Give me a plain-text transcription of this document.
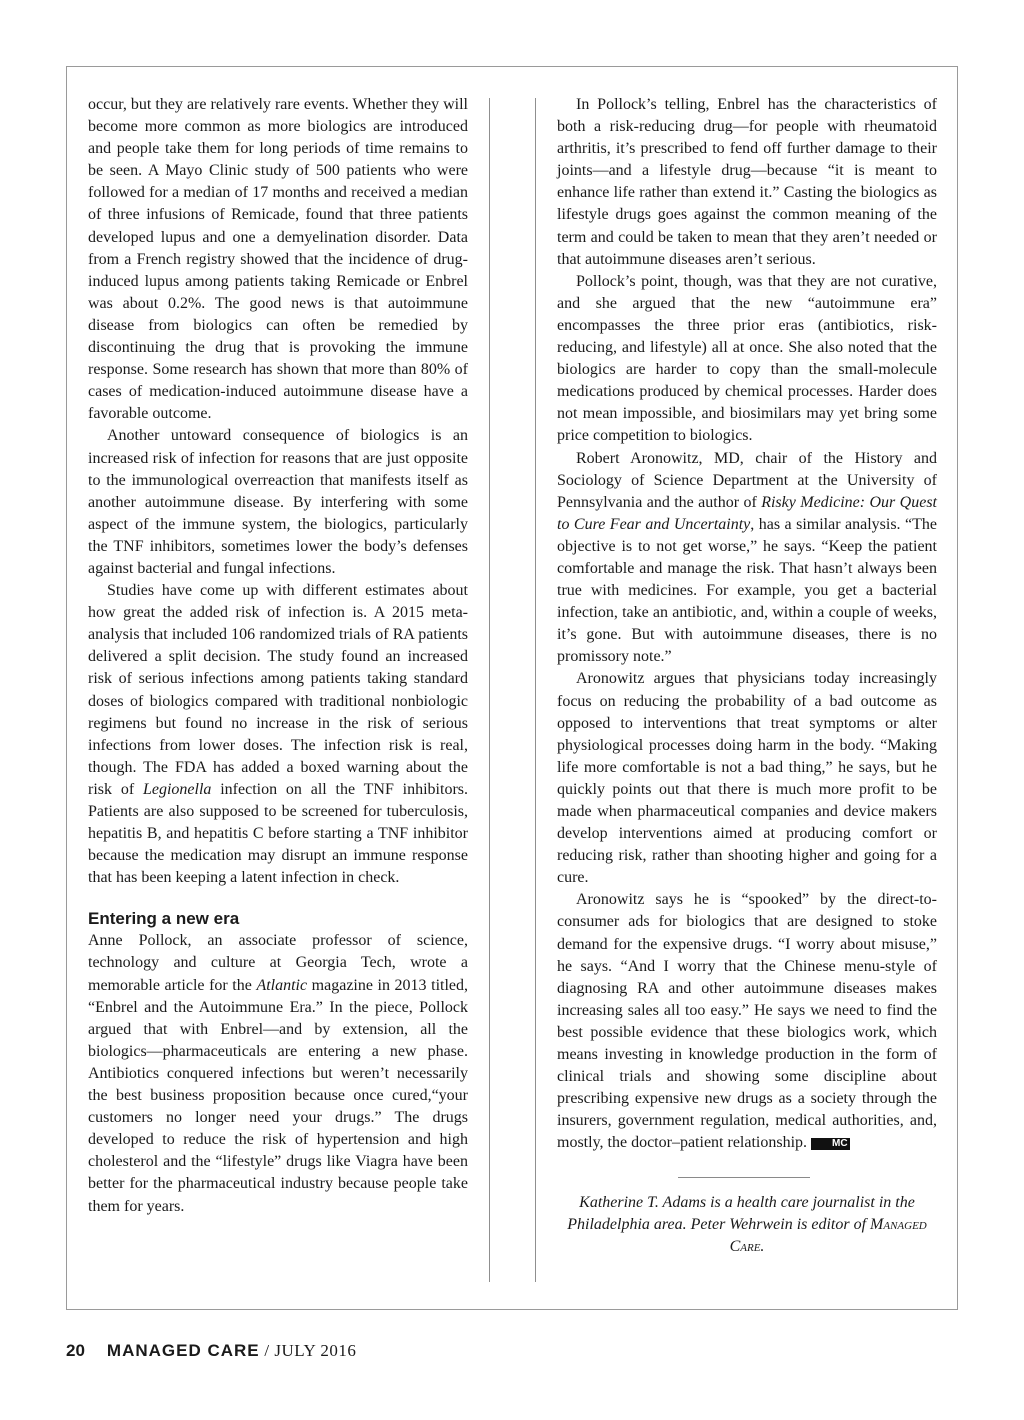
occur, but they are relatively rare events. Whether they will become more common as more biologics are introduced and people take them for long periods of time remains to be seen. A Mayo Clinic study of 500 patients who were followed for a median of 17 months and received a median of three infusions of Remicade, found that three patients developed lupus and one a demyelination disorder. Data from a French registry showed that the incidence of drug-induced lupus among patients taking Remicade or Enbrel was about 0.2%. The good news is that autoimmune disease from biologics can often be remedied by discontinuing the drug that is provoking the immune response. Some research has shown that more than 80% of cases of medication-induced autoimmune disease have a favorable outcome.

Another untoward consequence of biologics is an increased risk of infection for reasons that are just opposite to the immunological overreaction that manifests itself as another autoimmune disease. By interfering with some aspect of the immune system, the biologics, particularly the TNF inhibitors, sometimes lower the body’s defenses against bacterial and fungal infections.

Studies have come up with different estimates about how great the added risk of infection is. A 2015 meta-analysis that included 106 randomized trials of RA patients delivered a split decision. The study found an increased risk of serious infections among patients taking standard doses of biologics compared with traditional nonbiologic regimens but found no increase in the risk of serious infections from lower doses. The infection risk is real, though. The FDA has added a boxed warning about the risk of Legionella infection on all the TNF inhibitors. Patients are also supposed to be screened for tuberculosis, hepatitis B, and hepatitis C before starting a TNF inhibitor because the medication may disrupt an immune response that has been keeping a latent infection in check.

Entering a new era

Anne Pollock, an associate professor of science, technology and culture at Georgia Tech, wrote a memorable article for the Atlantic magazine in 2013 titled, “Enbrel and the Autoimmune Era.” In the piece, Pollock argued that with Enbrel—and by extension, all the biologics—pharmaceuticals are entering a new phase. Antibiotics conquered infections but weren’t necessarily the best business proposition because once cured,“your customers no longer need your drugs.” The drugs developed to reduce the risk of hypertension and high cholesterol and the “lifestyle” drugs like Viagra have been better for the pharmaceutical industry because people take them for years.

In Pollock’s telling, Enbrel has the characteristics of both a risk-reducing drug—for people with rheumatoid arthritis, it’s prescribed to fend off further damage to their joints—and a lifestyle drug—because “it is meant to enhance life rather than extend it.” Casting the biologics as lifestyle drugs goes against the common meaning of the term and could be taken to mean that they aren’t needed or that autoimmune diseases aren’t serious.

Pollock’s point, though, was that they are not curative, and she argued that the new “autoimmune era” encompasses the three prior eras (antibiotics, risk-reducing, and lifestyle) all at once. She also noted that the biologics are harder to copy than the small-molecule medications produced by chemical processes. Harder does not mean impossible, and biosimilars may yet bring some price competition to biologics.

Robert Aronowitz, MD, chair of the History and Sociology of Science Department at the University of Pennsylvania and the author of Risky Medicine: Our Quest to Cure Fear and Uncertainty, has a similar analysis. “The objective is to not get worse,” he says. “Keep the patient comfortable and manage the risk. That hasn’t always been true with medicines. For example, you get a bacterial infection, take an antibiotic, and, within a couple of weeks, it’s gone. But with autoimmune diseases, there is no promissory note.”

Aronowitz argues that physicians today increasingly focus on reducing the probability of a bad outcome as opposed to interventions that treat symptoms or alter physiological processes doing harm in the body. “Making life more comfortable is not a bad thing,” he says, but he quickly points out that there is much more profit to be made when pharmaceutical companies and device makers develop interventions aimed at producing comfort or reducing risk, rather than shooting higher and going for a cure.

Aronowitz says he is “spooked” by the direct-to-consumer ads for biologics that are designed to stoke demand for the expensive drugs. “I worry about misuse,” he says. “And I worry that the Chinese menu-style of diagnosing RA and other autoimmune diseases makes increasing sales all too easy.” He says we need to find the best possible evidence that these biologics work, which means investing in knowledge production in the form of clinical trials and showing some discipline about prescribing expensive new drugs as a society through the insurers, government regulation, medical authorities, and, mostly, the doctor–patient relationship.	MC

Katherine T. Adams is a health care journalist in the Philadelphia area. Peter Wehrwein is editor of Managed Care.

20 MANAGED CARE / JULY 2016
